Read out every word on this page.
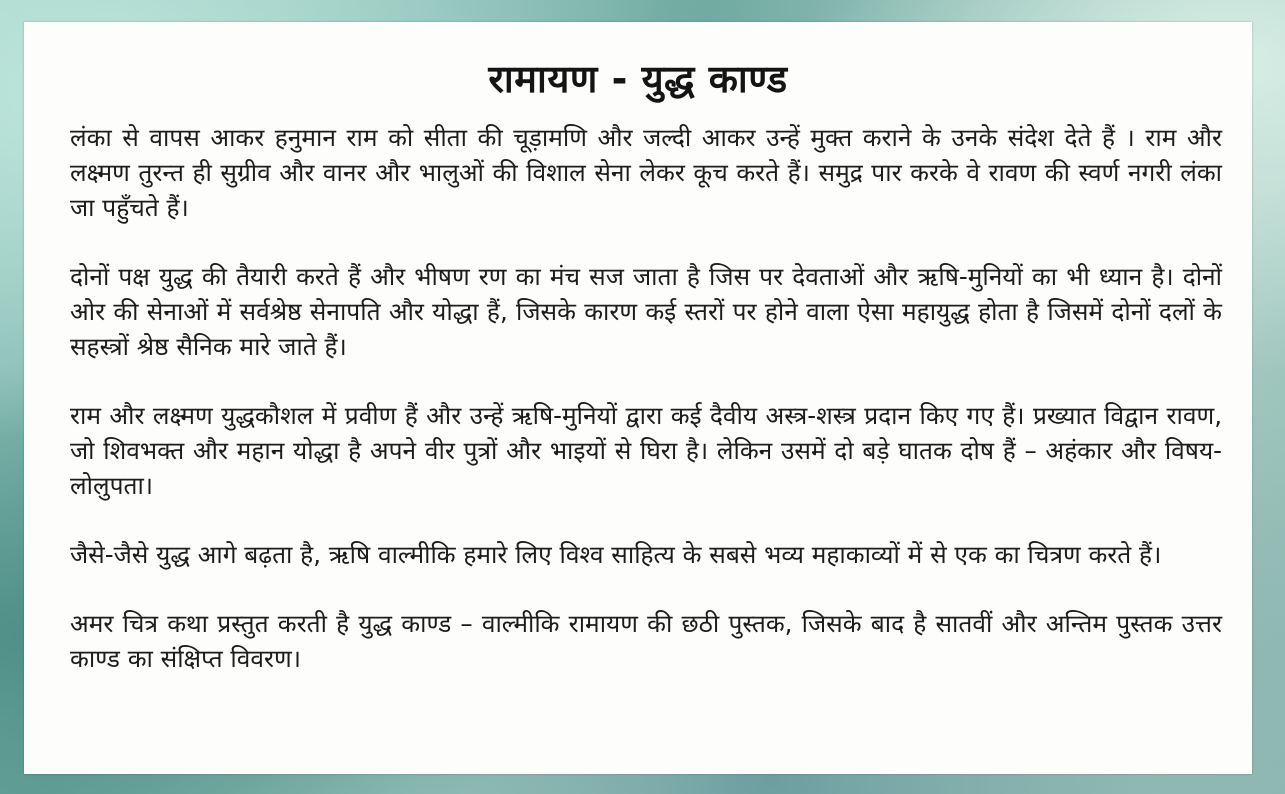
रामायण - युद्ध काण्ड

लंका से वापस आकर हनुमान राम को सीता की चूड़ामणि और जल्दी आकर उन्हें मुक्त कराने के उनके संदेश देते हैं । राम और लक्ष्मण तुरन्त ही सुग्रीव और वानर और भालुओं की विशाल सेना लेकर कूच करते हैं। समुद्र पार करके वे रावण की स्वर्ण नगरी लंका जा पहुँचते हैं।

दोनों पक्ष युद्ध की तैयारी करते हैं और भीषण रण का मंच सज जाता है जिस पर देवताओं और ऋषि-मुनियों का भी ध्यान है। दोनों ओर की सेनाओं में सर्वश्रेष्ठ सेनापति और योद्धा हैं, जिसके कारण कई स्तरों पर होने वाला ऐसा महायुद्ध होता है जिसमें दोनों दलों के सहस्त्रों श्रेष्ठ सैनिक मारे जाते हैं।

राम और लक्ष्मण युद्धकौशल में प्रवीण हैं और उन्हें ऋषि-मुनियों द्वारा कई दैवीय अस्त्र-शस्त्र प्रदान किए गए हैं। प्रख्यात विद्वान रावण, जो शिवभक्त और महान योद्धा है अपने वीर पुत्रों और भाइयों से घिरा है। लेकिन उसमें दो बड़े घातक दोष हैं – अहंकार और विषय-लोलुपता।

जैसे-जैसे युद्ध आगे बढ़ता है, ऋषि वाल्मीकि हमारे लिए विश्व साहित्य के सबसे भव्य महाकाव्यों में से एक का चित्रण करते हैं।

अमर चित्र कथा प्रस्तुत करती है युद्ध काण्ड – वाल्मीकि रामायण की छठी पुस्तक, जिसके बाद है सातवीं और अन्तिम पुस्तक उत्तर काण्ड का संक्षिप्त विवरण।
